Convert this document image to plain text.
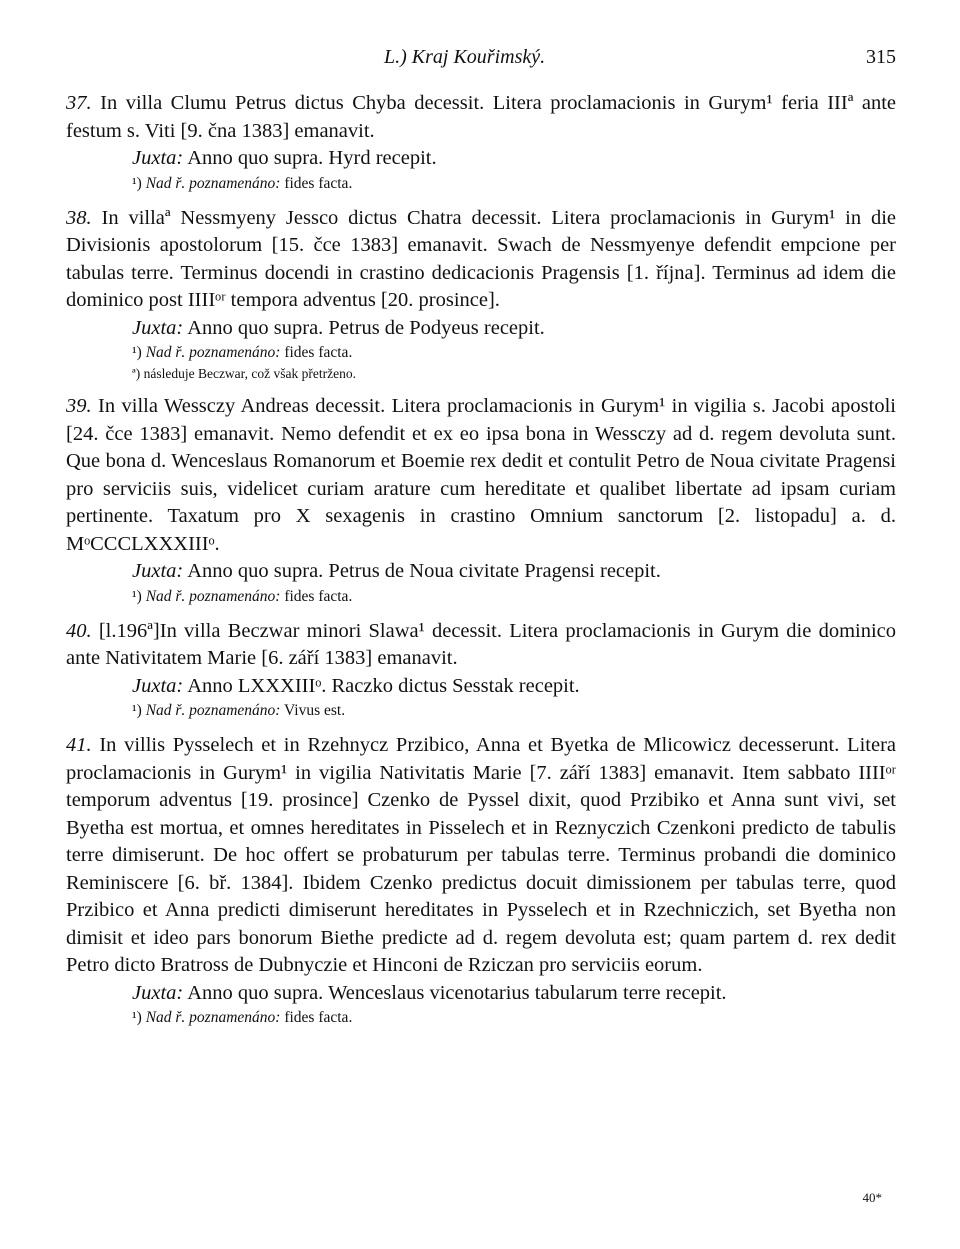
L.) Kraj Kouřimský.	315

37. In villa Clumu Petrus dictus Chyba decessit. Litera proclamacionis in Gurym¹ feria IIIª ante festum s. Viti [9. čna 1383] emanavit.

Juxta: Anno quo supra. Hyrd recepit.

¹) Nad ř. poznamenáno: fides facta.

38. In villaª Nessmyeny Jessco dictus Chatra decessit. Litera proclamacionis in Gurym¹ in die Divisionis apostolorum [15. čce 1383] emanavit. Swach de Nessmyenye defendit empcione per tabulas terre. Terminus docendi in crastino dedicacionis Pragensis [1. října]. Terminus ad idem die dominico post IIIIᵒʳ tempora adventus [20. prosince].

Juxta: Anno quo supra. Petrus de Podyeus recepit.

¹) Nad ř. poznamenáno: fides facta.

ª) následuje Beczwar, což však přetrženo.

39. In villa Wessczy Andreas decessit. Litera proclamacionis in Gurym¹ in vigilia s. Jacobi apostoli [24. čce 1383] emanavit. Nemo defendit et ex eo ipsa bona in Wessczy ad d. regem devoluta sunt. Que bona d. Wenceslaus Romanorum et Boemie rex dedit et contulit Petro de Noua civitate Pragensi pro serviciis suis, videlicet curiam arature cum hereditate et qualibet libertate ad ipsam curiam pertinente. Taxatum pro X sexagenis in crastino Omnium sanctorum [2. listopadu] a. d. MᵒCCCLXXXIIIᵒ.

Juxta: Anno quo supra. Petrus de Noua civitate Pragensi recepit.

¹) Nad ř. poznamenáno: fides facta.

40. [l.196ª]In villa Beczwar minori Slawa¹ decessit. Litera proclamacionis in Gurym die dominico ante Nativitatem Marie [6. září 1383] emanavit.

Juxta: Anno LXXXIIIᵒ. Raczko dictus Sesstak recepit.

¹) Nad ř. poznamenáno: Vivus est.

41. In villis Pysselech et in Rzehnycz Przibico, Anna et Byetka de Mlicowicz decesserunt. Litera proclamacionis in Gurym¹ in vigilia Nativitatis Marie [7. září 1383] emanavit. Item sabbato IIIIᵒʳ temporum adventus [19. prosince] Czenko de Pyssel dixit, quod Przibiko et Anna sunt vivi, set Byetha est mortua, et omnes hereditates in Pisselech et in Reznyczich Czenkoni predicto de tabulis terre dimiserunt. De hoc offert se probaturum per tabulas terre. Terminus probandi die dominico Reminiscere [6. bř. 1384]. Ibidem Czenko predictus docuit dimissionem per tabulas terre, quod Przibico et Anna predicti dimiserunt hereditates in Pysselech et in Rzechniczich, set Byetha non dimisit et ideo pars bonorum Biethe predicte ad d. regem devoluta est; quam partem d. rex dedit Petro dicto Bratross de Dubnyczie et Hinconi de Rziczan pro serviciis eorum.

Juxta: Anno quo supra. Wenceslaus vicenotarius tabularum terre recepit.

¹) Nad ř. poznamenáno: fides facta.

40*
